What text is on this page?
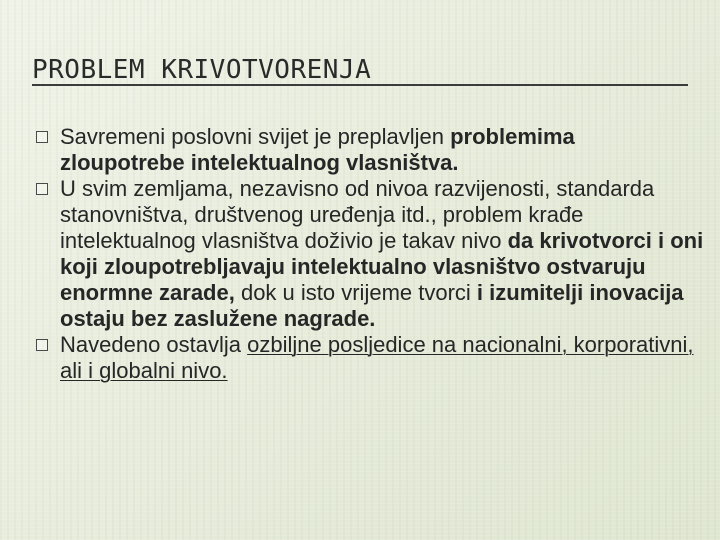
PROBLEM KRIVOTVORENJA
Savremeni poslovni svijet je preplavljen problemima zloupotrebe intelektualnog vlasništva.
U svim zemljama, nezavisno od nivoa razvijenosti, standarda stanovništva, društvenog uređenja itd., problem krađe intelektualnog vlasništva doživio je takav nivo da krivotvorci i oni koji zloupotrebljavaju intelektualno vlasništvo ostvaruju enormne zarade, dok u isto vrijeme tvorci i izumitelji inovacija ostaju bez zaslužene nagrade.
Navedeno ostavlja ozbiljne posljedice na nacionalni, korporativni, ali i globalni nivo.
